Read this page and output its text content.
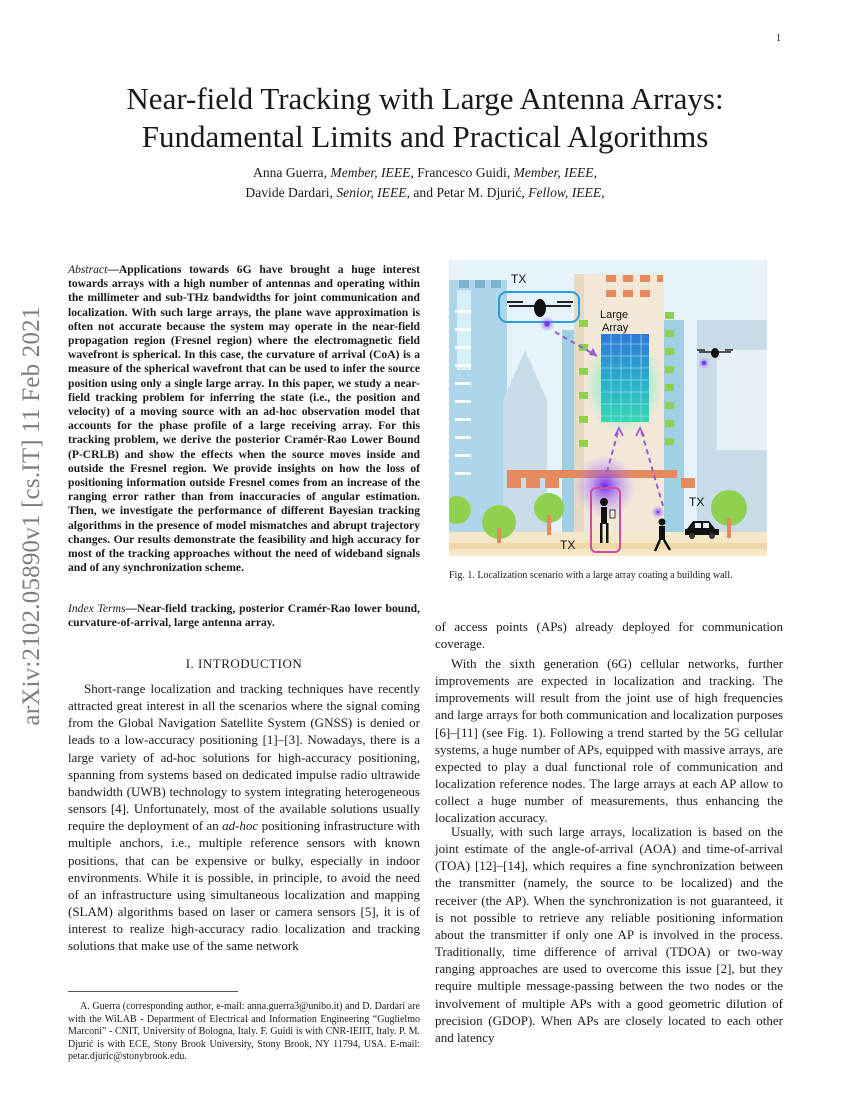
1
arXiv:2102.05890v1 [cs.IT] 11 Feb 2021
Near-field Tracking with Large Antenna Arrays:
Fundamental Limits and Practical Algorithms
Anna Guerra, Member, IEEE, Francesco Guidi, Member, IEEE,
Davide Dardari, Senior, IEEE, and Petar M. Djurić, Fellow, IEEE,
Abstract—Applications towards 6G have brought a huge interest towards arrays with a high number of antennas and operating within the millimeter and sub-THz bandwidths for joint communication and localization. With such large arrays, the plane wave approximation is often not accurate because the system may operate in the near-field propagation region (Fresnel region) where the electromagnetic field wavefront is spherical. In this case, the curvature of arrival (CoA) is a measure of the spherical wavefront that can be used to infer the source position using only a single large array. In this paper, we study a near-field tracking problem for inferring the state (i.e., the position and velocity) of a moving source with an ad-hoc observation model that accounts for the phase profile of a large receiving array. For this tracking problem, we derive the posterior Cramér-Rao Lower Bound (P-CRLB) and show the effects when the source moves inside and outside the Fresnel region. We provide insights on how the loss of positioning information outside Fresnel comes from an increase of the ranging error rather than from inaccuracies of angular estimation. Then, we investigate the performance of different Bayesian tracking algorithms in the presence of model mismatches and abrupt trajectory changes. Our results demonstrate the feasibility and high accuracy for most of the tracking approaches without the need of wideband signals and of any synchronization scheme.
Index Terms—Near-field tracking, posterior Cramér-Rao lower bound, curvature-of-arrival, large antenna array.
I. INTRODUCTION
Short-range localization and tracking techniques have recently attracted great interest in all the scenarios where the signal coming from the Global Navigation Satellite System (GNSS) is denied or leads to a low-accuracy positioning [1]–[3]. Nowadays, there is a large variety of ad-hoc solutions for high-accuracy positioning, spanning from systems based on dedicated impulse radio ultrawide bandwidth (UWB) technology to system integrating heterogeneous sensors [4]. Unfortunately, most of the available solutions usually require the deployment of an ad-hoc positioning infrastructure with multiple anchors, i.e., multiple reference sensors with known positions, that can be expensive or bulky, especially in indoor environments. While it is possible, in principle, to avoid the need of an infrastructure using simultaneous localization and mapping (SLAM) algorithms based on laser or camera sensors [5], it is of interest to realize high-accuracy radio localization and tracking solutions that make use of the same network
A. Guerra (corresponding author, e-mail: anna.guerra3@unibo.it) and D. Dardari are with the WiLAB - Department of Electrical and Information Engineering “Guglielmo Marconi” - CNIT, University of Bologna, Italy. F. Guidi is with CNR-IEIIT, Italy. P. M. Djurić is with ECE, Stony Brook University, Stony Brook, NY 11794, USA. E-mail: petar.djuric@stonybrook.edu.
Large
Array
TX
TX
TX
Fig. 1. Localization scenario with a large array coating a building wall.
of access points (APs) already deployed for communication coverage.
With the sixth generation (6G) cellular networks, further improvements are expected in localization and tracking. The improvements will result from the joint use of high frequencies and large arrays for both communication and localization purposes [6]–[11] (see Fig. 1). Following a trend started by the 5G cellular systems, a huge number of APs, equipped with massive arrays, are expected to play a dual functional role of communication and localization reference nodes. The large arrays at each AP allow to collect a huge number of measurements, thus enhancing the localization accuracy.
Usually, with such large arrays, localization is based on the joint estimate of the angle-of-arrival (AOA) and time-of-arrival (TOA) [12]–[14], which requires a fine synchronization between the transmitter (namely, the source to be localized) and the receiver (the AP). When the synchronization is not guaranteed, it is not possible to retrieve any reliable positioning information about the transmitter if only one AP is involved in the process. Traditionally, time difference of arrival (TDOA) or two-way ranging approaches are used to overcome this issue [2], but they require multiple message-passing between the two nodes or the involvement of multiple APs with a good geometric dilution of precision (GDOP). When APs are closely located to each other and latency
